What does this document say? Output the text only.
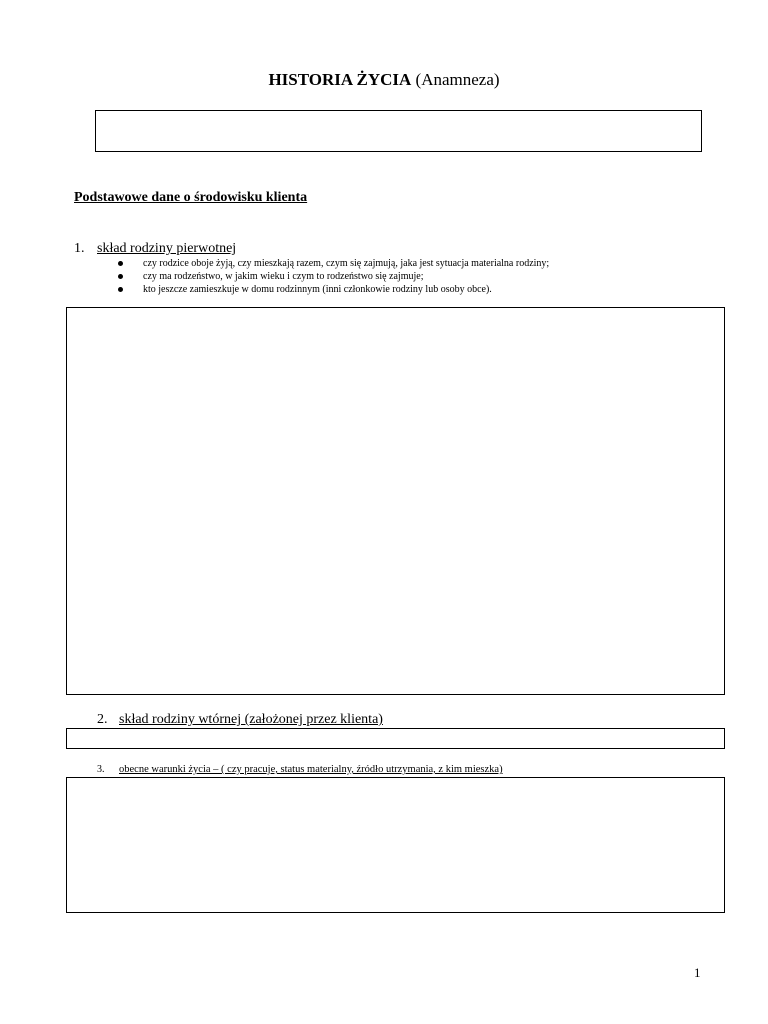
HISTORIA ŻYCIA (Anamneza)
Podstawowe dane o środowisku klienta
1. skład rodziny pierwotnej
czy rodzice oboje żyją, czy mieszkają razem, czym się zajmują, jaka jest sytuacja materialna rodziny;
czy ma rodzeństwo, w jakim wieku i czym to rodzeństwo się zajmuje;
kto jeszcze zamieszkuje w domu rodzinnym (inni członkowie rodziny lub osoby obce).
2. skład rodziny wtórnej (założonej przez klienta)
3. obecne warunki życia – ( czy pracuje, status materialny, źródło utrzymania, z kim mieszka)
1
